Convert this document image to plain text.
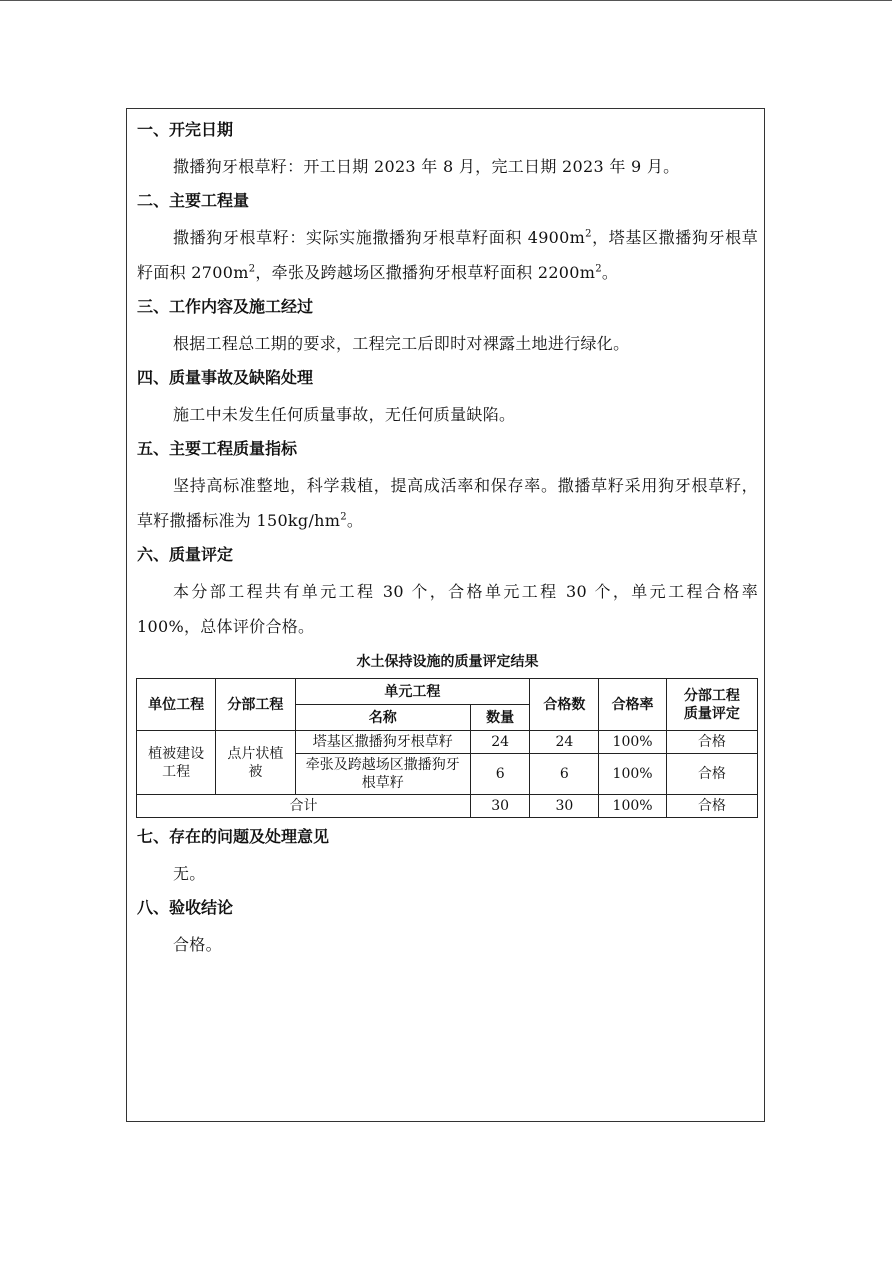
一、开完日期
撒播狗牙根草籽：开工日期 2023 年 8 月，完工日期 2023 年 9 月。
二、主要工程量
撒播狗牙根草籽：实际实施撒播狗牙根草籽面积 $4900m^2$，塔基区撒播狗牙根草籽面积 $2700m^2$，牵张及跨越场区撒播狗牙根草籽面积 $2200m^2$。
三、工作内容及施工经过
根据工程总工期的要求，工程完工后即时对裸露土地进行绿化。
四、质量事故及缺陷处理
施工中未发生任何质量事故，无任何质量缺陷。
五、主要工程质量指标
坚持高标准整地，科学栽植，提高成活率和保存率。撒播草籽采用狗牙根草籽，草籽撒播标准为 $150kg/hm^2$。
六、质量评定
本分部工程共有单元工程 30 个，合格单元工程 30 个，单元工程合格率 100%，总体评价合格。
水土保持设施的质量评定结果
单位工程	分部工程	单元工程		合格数	合格率	分部工程质量评定
		名称	数量			
植被建设工程	点片状植被	塔基区撒播狗牙根草籽	24	24	100%	合格
		牵张及跨越场区撒播狗牙根草籽	6	6	100%	合格
合计			30	30	100%	合格
七、存在的问题及处理意见
无。
八、验收结论
合格。
